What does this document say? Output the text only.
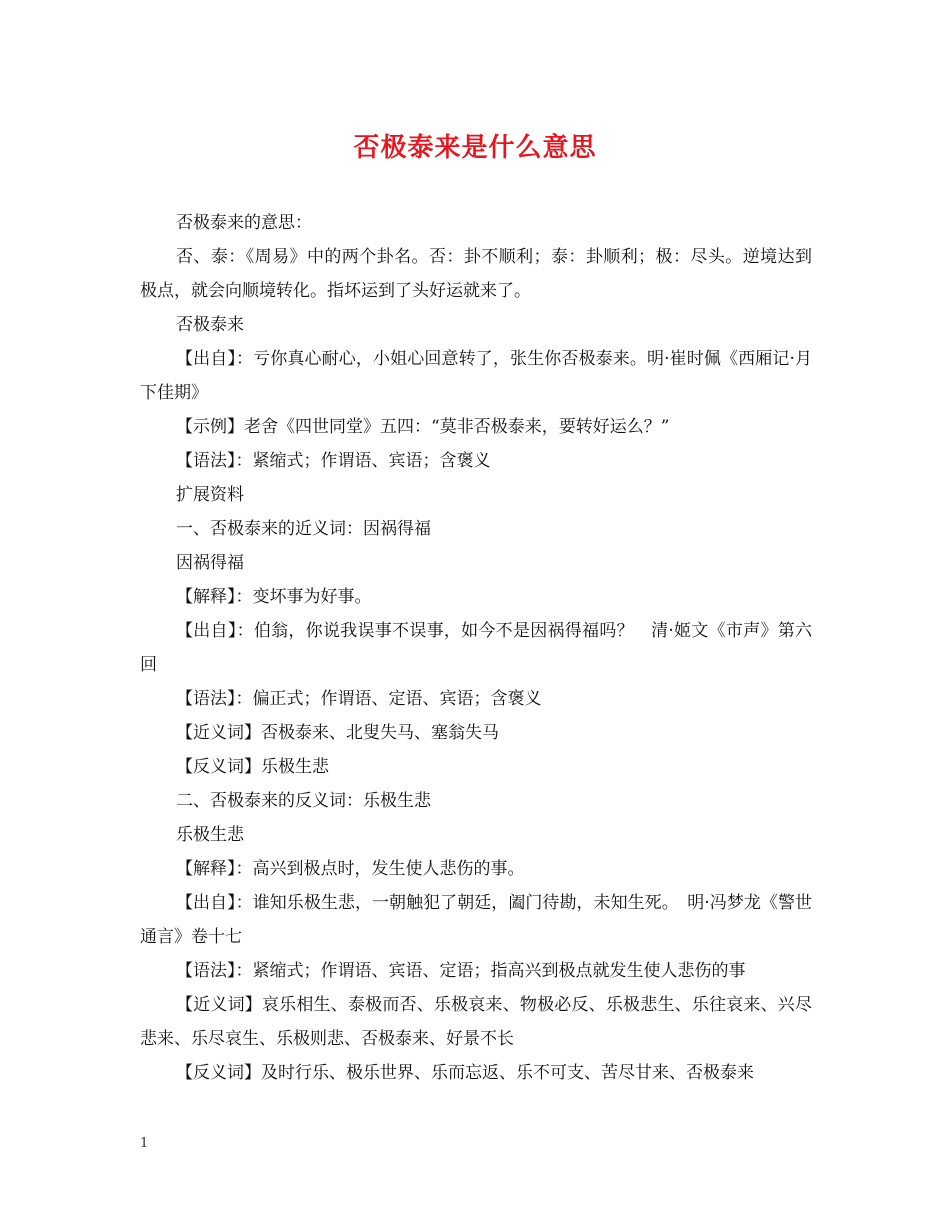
否极泰来是什么意思

否极泰来的意思：

否、泰：《周易》中的两个卦名。否：卦不顺利；泰：卦顺利；极：尽头。逆境达到极点，就会向顺境转化。指坏运到了头好运就来了。

否极泰来

【出自】：亏你真心耐心，小姐心回意转了，张生你否极泰来。明·崔时佩《西厢记·月下佳期》

【示例】老舍《四世同堂》五四：“莫非否极泰来，要转好运么？”

【语法】：紧缩式；作谓语、宾语；含褒义

扩展资料

一、否极泰来的近义词：因祸得福

因祸得福

【解释】：变坏事为好事。

【出自】：伯翁，你说我误事不误事，如今不是因祸得福吗？　清·姬文《市声》第六回

【语法】：偏正式；作谓语、定语、宾语；含褒义

【近义词】否极泰来、北叟失马、塞翁失马

【反义词】乐极生悲

二、否极泰来的反义词：乐极生悲

乐极生悲

【解释】：高兴到极点时，发生使人悲伤的事。

【出自】：谁知乐极生悲，一朝触犯了朝廷，阖门待勘，未知生死。　明·冯梦龙《警世通言》卷十七

【语法】：紧缩式；作谓语、宾语、定语；指高兴到极点就发生使人悲伤的事

【近义词】哀乐相生、泰极而否、乐极哀来、物极必反、乐极悲生、乐往哀来、兴尽悲来、乐尽哀生、乐极则悲、否极泰来、好景不长

【反义词】及时行乐、极乐世界、乐而忘返、乐不可支、苦尽甘来、否极泰来

1
